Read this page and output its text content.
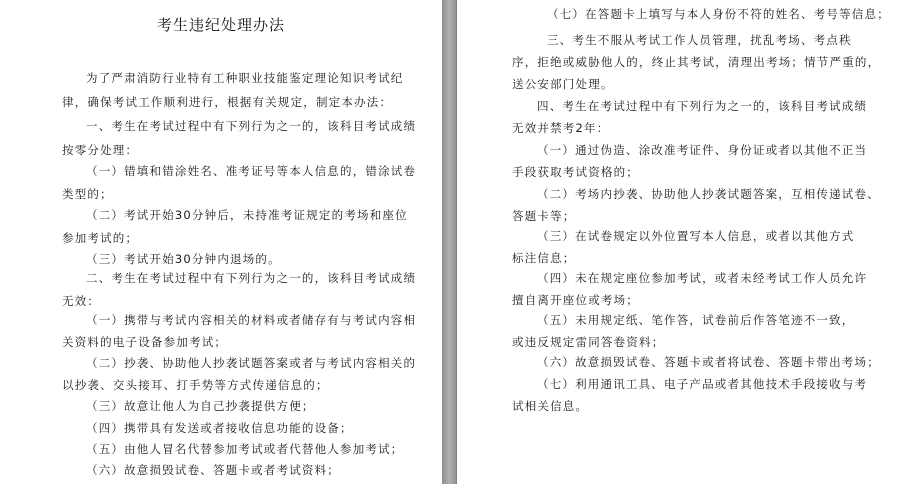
考生违纪处理办法
为了严肃消防行业特有工种职业技能鉴定理论知识考试纪
律，确保考试工作顺利进行，根据有关规定，制定本办法：
一、考生在考试过程中有下列行为之一的，该科目考试成绩
按零分处理：
（一）错填和错涂姓名、准考证号等本人信息的，错涂试卷
类型的；
（二）考试开始30分钟后，未持准考证规定的考场和座位
参加考试的；
（三）考试开始30分钟内退场的。
二、考生在考试过程中有下列行为之一的，该科目考试成绩
无效：
（一）携带与考试内容相关的材料或者储存有与考试内容相
关资料的电子设备参加考试；
（二）抄袭、协助他人抄袭试题答案或者与考试内容相关的
以抄袭、交头接耳、打手势等方式传递信息的；
（三）故意让他人为自己抄袭提供方便；
（四）携带具有发送或者接收信息功能的设备；
（五）由他人冒名代替参加考试或者代替他人参加考试；
（六）故意损毁试卷、答题卡或者考试资料；
（七）在答题卡上填写与本人身份不符的姓名、考号等信息；
三、考生不服从考试工作人员管理，扰乱考场、考点秩
序，拒绝或威胁他人的，终止其考试，清理出考场；情节严重的，
送公安部门处理。
四、考生在考试过程中有下列行为之一的，该科目考试成绩
无效并禁考2年：
（一）通过伪造、涂改准考证件、身份证或者以其他不正当
手段获取考试资格的；
（二）考场内抄袭、协助他人抄袭试题答案，互相传递试卷、
答题卡等；
（三）在试卷规定以外位置写本人信息，或者以其他方式
标注信息；
（四）未在规定座位参加考试，或者未经考试工作人员允许
擅自离开座位或考场；
（五）未用规定纸、笔作答，试卷前后作答笔迹不一致，
或违反规定雷同答卷资料；
（六）故意损毁试卷、答题卡或者将试卷、答题卡带出考场；
（七）利用通讯工具、电子产品或者其他技术手段接收与考
试相关信息。
